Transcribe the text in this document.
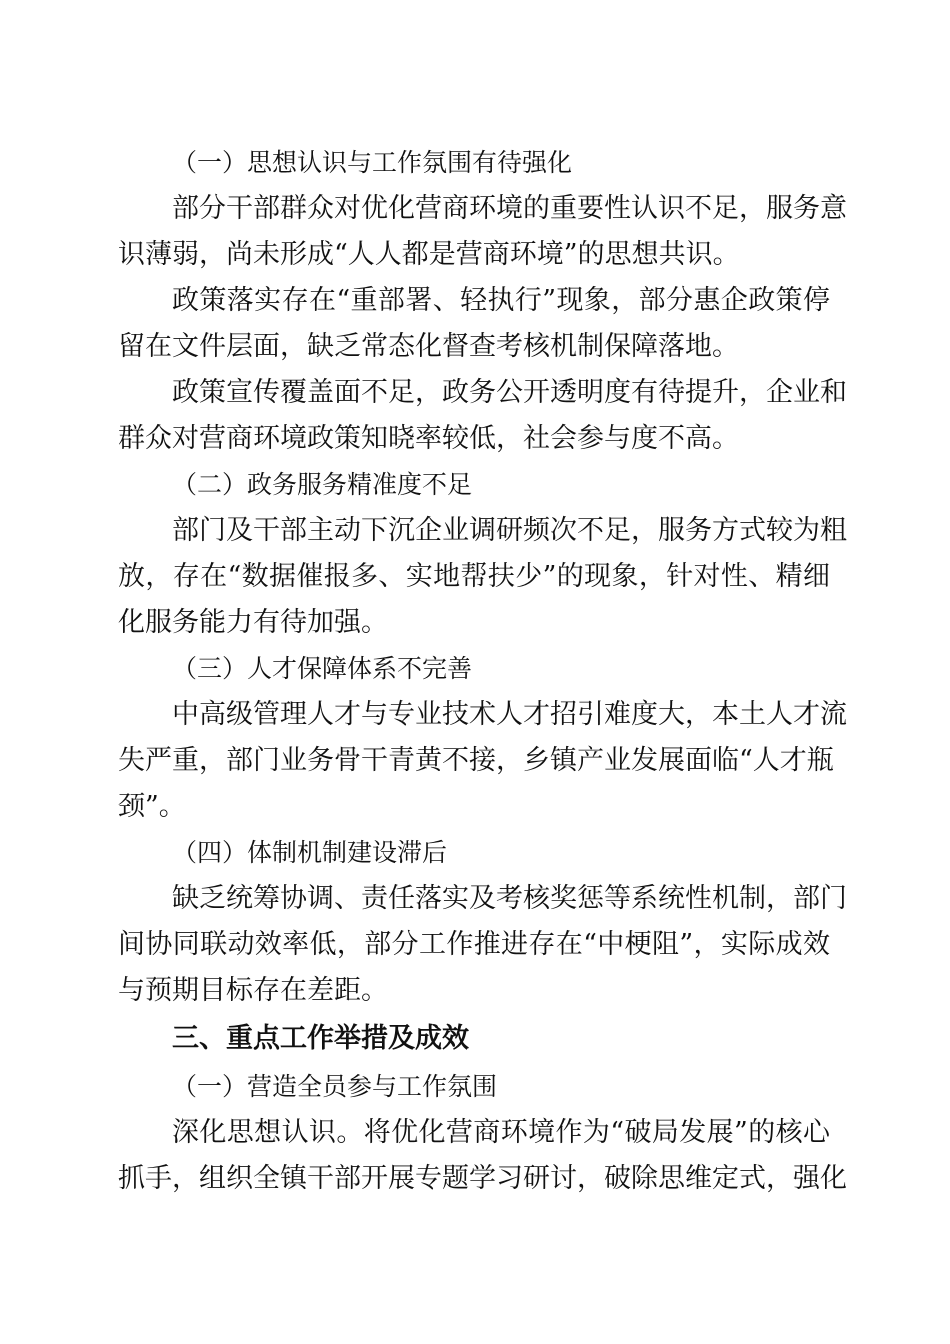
（一）思想认识与工作氛围有待强化
部分干部群众对优化营商环境的重要性认识不足，服务意
识薄弱，尚未形成“人人都是营商环境”的思想共识。
政策落实存在“重部署、轻执行”现象，部分惠企政策停
留在文件层面，缺乏常态化督查考核机制保障落地。
政策宣传覆盖面不足，政务公开透明度有待提升，企业和
群众对营商环境政策知晓率较低，社会参与度不高。
（二）政务服务精准度不足
部门及干部主动下沉企业调研频次不足，服务方式较为粗
放，存在“数据催报多、实地帮扶少”的现象，针对性、精细
化服务能力有待加强。
（三）人才保障体系不完善
中高级管理人才与专业技术人才招引难度大，本土人才流
失严重，部门业务骨干青黄不接，乡镇产业发展面临“人才瓶
颈”。
（四）体制机制建设滞后
缺乏统筹协调、责任落实及考核奖惩等系统性机制，部门
间协同联动效率低，部分工作推进存在“中梗阻”，实际成效
与预期目标存在差距。
三、重点工作举措及成效
（一）营造全员参与工作氛围
深化思想认识。将优化营商环境作为“破局发展”的核心
抓手，组织全镇干部开展专题学习研讨，破除思维定式，强化
